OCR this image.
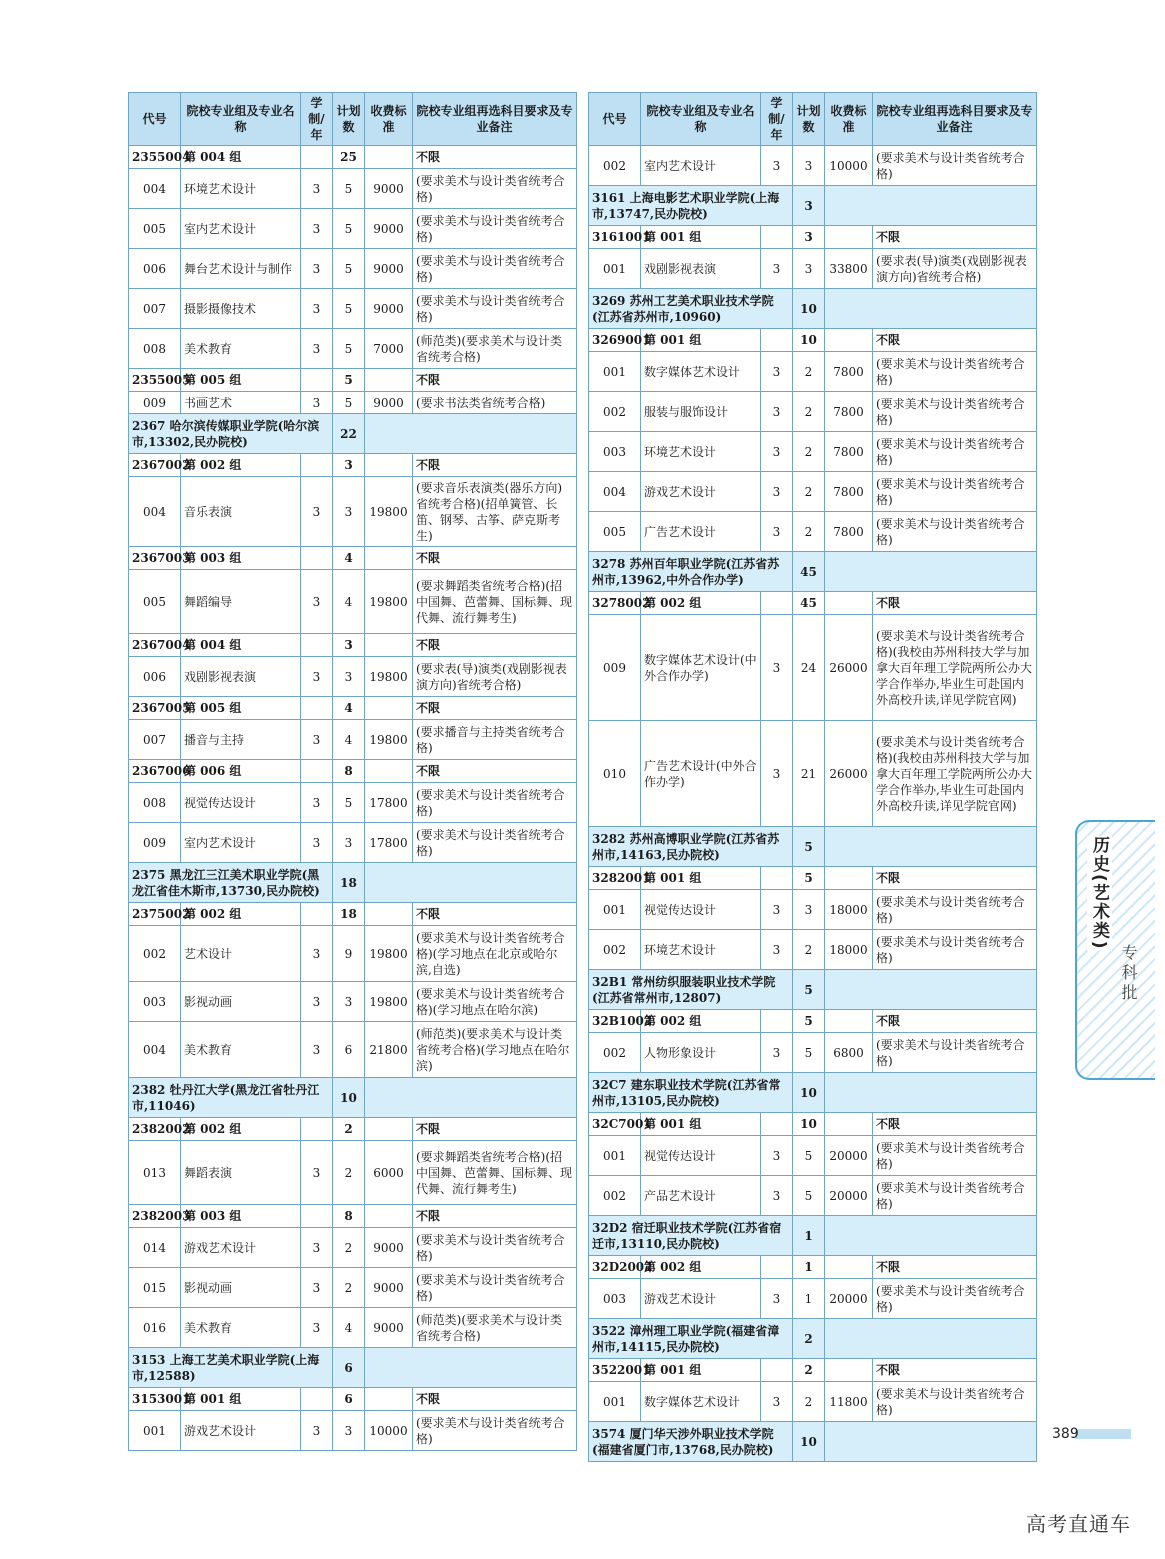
代号	院校专业组及专业名称	学制/年	计划数	收费标准	院校专业组再选科目要求及专业备注
2355004	第 004 组		25		不限
004	环境艺术设计	3	5	9000	(要求美术与设计类省统考合格)
005	室内艺术设计	3	5	9000	(要求美术与设计类省统考合格)
006	舞台艺术设计与制作	3	5	9000	(要求美术与设计类省统考合格)
007	摄影摄像技术	3	5	9000	(要求美术与设计类省统考合格)
008	美术教育	3	5	7000	(师范类)(要求美术与设计类省统考合格)
2355005	第 005 组		5		不限
009	书画艺术	3	5	9000	(要求书法类省统考合格)
2367 哈尔滨传媒职业学院(哈尔滨市,13302,民办院校)			22		
2367002	第 002 组		3		不限
004	音乐表演	3	3	19800	(要求音乐表演类(器乐方向)省统考合格)(招单簧管、长笛、钢琴、古筝、萨克斯考生)
2367003	第 003 组		4		不限
005	舞蹈编导	3	4	19800	(要求舞蹈类省统考合格)(招中国舞、芭蕾舞、国标舞、现代舞、流行舞考生)
2367004	第 004 组		3		不限
006	戏剧影视表演	3	3	19800	(要求表(导)演类(戏剧影视表演方向)省统考合格)
2367005	第 005 组		4		不限
007	播音与主持	3	4	19800	(要求播音与主持类省统考合格)
2367006	第 006 组		8		不限
008	视觉传达设计	3	5	17800	(要求美术与设计类省统考合格)
009	室内艺术设计	3	3	17800	(要求美术与设计类省统考合格)
2375 黑龙江三江美术职业学院(黑龙江省佳木斯市,13730,民办院校)			18		
2375002	第 002 组		18		不限
002	艺术设计	3	9	19800	(要求美术与设计类省统考合格)(学习地点在北京或哈尔滨,自选)
003	影视动画	3	3	19800	(要求美术与设计类省统考合格)(学习地点在哈尔滨)
004	美术教育	3	6	21800	(师范类)(要求美术与设计类省统考合格)(学习地点在哈尔滨)
2382 牡丹江大学(黑龙江省牡丹江市,11046)			10		
2382002	第 002 组		2		不限
013	舞蹈表演	3	2	6000	(要求舞蹈类省统考合格)(招中国舞、芭蕾舞、国标舞、现代舞、流行舞考生)
2382003	第 003 组		8		不限
014	游戏艺术设计	3	2	9000	(要求美术与设计类省统考合格)
015	影视动画	3	2	9000	(要求美术与设计类省统考合格)
016	美术教育	3	4	9000	(师范类)(要求美术与设计类省统考合格)
3153 上海工艺美术职业学院(上海市,12588)			6		
3153001	第 001 组		6		不限
001	游戏艺术设计	3	3	10000	(要求美术与设计类省统考合格)
代号	院校专业组及专业名称	学制/年	计划数	收费标准	院校专业组再选科目要求及专业备注
002	室内艺术设计	3	3	10000	(要求美术与设计类省统考合格)
3161 上海电影艺术职业学院(上海市,13747,民办院校)			3		
3161001	第 001 组		3		不限
001	戏剧影视表演	3	3	33800	(要求表(导)演类(戏剧影视表演方向)省统考合格)
3269 苏州工艺美术职业技术学院(江苏省苏州市,10960)			10		
3269001	第 001 组		10		不限
001	数字媒体艺术设计	3	2	7800	(要求美术与设计类省统考合格)
002	服装与服饰设计	3	2	7800	(要求美术与设计类省统考合格)
003	环境艺术设计	3	2	7800	(要求美术与设计类省统考合格)
004	游戏艺术设计	3	2	7800	(要求美术与设计类省统考合格)
005	广告艺术设计	3	2	7800	(要求美术与设计类省统考合格)
3278 苏州百年职业学院(江苏省苏州市,13962,中外合作办学)			45		
3278002	第 002 组		45		不限
009	数字媒体艺术设计(中外合作办学)	3	24	26000	(要求美术与设计类省统考合格)(我校由苏州科技大学与加拿大百年理工学院两所公办大学合作举办,毕业生可赴国内外高校升读,详见学院官网)
010	广告艺术设计(中外合作办学)	3	21	26000	(要求美术与设计类省统考合格)(我校由苏州科技大学与加拿大百年理工学院两所公办大学合作举办,毕业生可赴国内外高校升读,详见学院官网)
3282 苏州高博职业学院(江苏省苏州市,14163,民办院校)			5		
3282001	第 001 组		5		不限
001	视觉传达设计	3	3	18000	(要求美术与设计类省统考合格)
002	环境艺术设计	3	2	18000	(要求美术与设计类省统考合格)
32B1 常州纺织服装职业技术学院(江苏省常州市,12807)			5		
32B1002	第 002 组		5		不限
002	人物形象设计	3	5	6800	(要求美术与设计类省统考合格)
32C7 建东职业技术学院(江苏省常州市,13105,民办院校)			10		
32C7001	第 001 组		10		不限
001	视觉传达设计	3	5	20000	(要求美术与设计类省统考合格)
002	产品艺术设计	3	5	20000	(要求美术与设计类省统考合格)
32D2 宿迁职业技术学院(江苏省宿迁市,13110,民办院校)			1		
32D2002	第 002 组		1		不限
003	游戏艺术设计	3	1	20000	(要求美术与设计类省统考合格)
3522 漳州理工职业学院(福建省漳州市,14115,民办院校)			2		
3522001	第 001 组		2		不限
001	数字媒体艺术设计	3	2	11800	(要求美术与设计类省统考合格)
3574 厦门华天涉外职业技术学院(福建省厦门市,13768,民办院校)			10		
历史(艺术类)
专科批
389
高考直通车
